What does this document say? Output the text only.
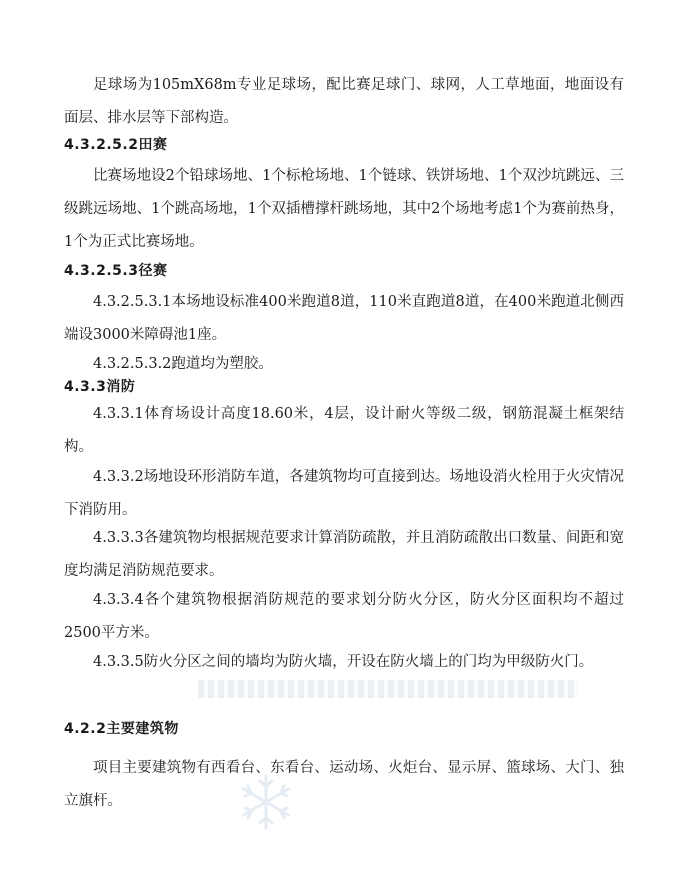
足球场为105mX68m专业足球场，配比赛足球门、球网，人工草地面，地面设有面层、排水层等下部构造。

4.3.2.5.2田赛

比赛场地设2个铅球场地、1个标枪场地、1个链球、铁饼场地、1个双沙坑跳远、三级跳远场地、1个跳高场地，1个双插槽撑杆跳场地，其中2个场地考虑1个为赛前热身，1个为正式比赛场地。

4.3.2.5.3径赛

4.3.2.5.3.1本场地设标准400米跑道8道，110米直跑道8道，在400米跑道北侧西端设3000米障碍池1座。

4.3.2.5.3.2跑道均为塑胶。

4.3.3消防

4.3.3.1体育场设计高度18.60米，4层，设计耐火等级二级，钢筋混凝土框架结 构。

4.3.3.2场地设环形消防车道，各建筑物均可直接到达。场地设消火栓用于火灾情况下消防用。

4.3.3.3各建筑物均根据规范要求计算消防疏散，并且消防疏散出口数量、间距和宽度均满足消防规范要求。

4.3.3.4各个建筑物根据消防规范的要求划分防火分区，防火分区面积均不超过2500平方米。

4.3.3.5防火分区之间的墙均为防火墙，开设在防火墙上的门均为甲级防火门。

4.2.2主要建筑物

项目主要建筑物有西看台、东看台、运动场、火炬台、显示屏、篮球场、大门、独立旗杆。
